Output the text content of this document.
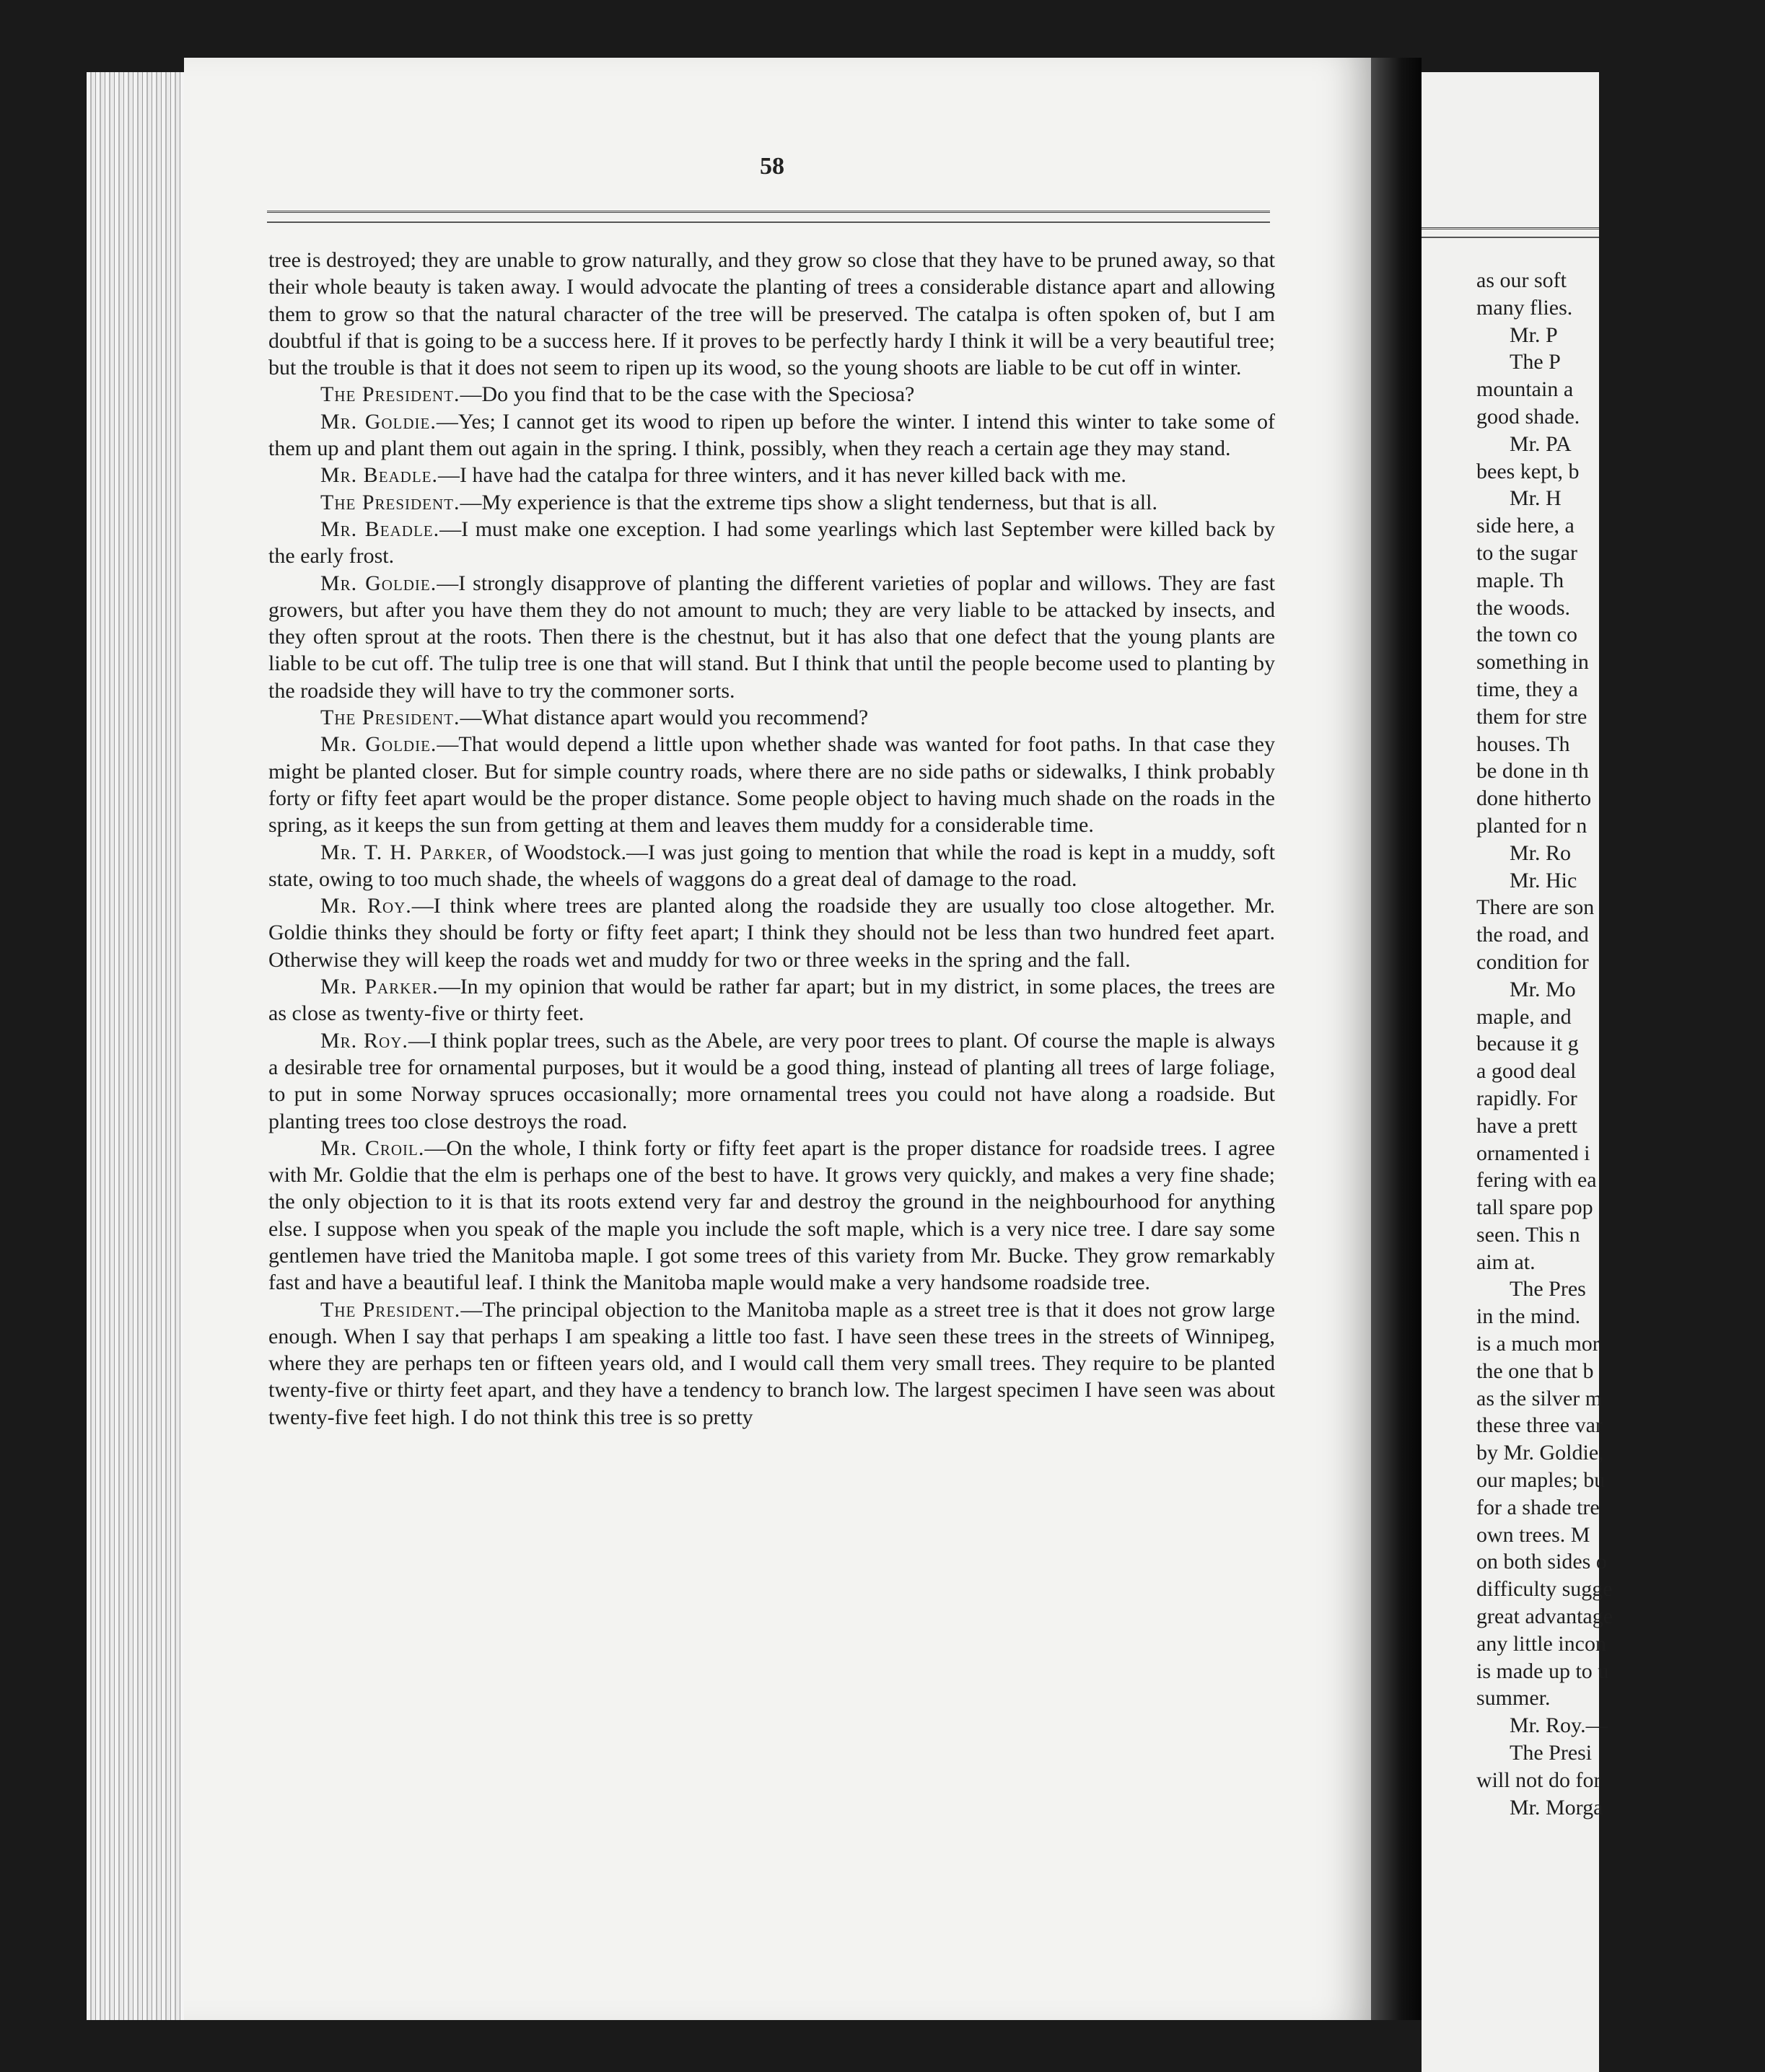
58

tree is destroyed; they are unable to grow naturally, and they grow so close that they have to be pruned away, so that their whole beauty is taken away. I would advocate the planting of trees a considerable distance apart and allowing them to grow so that the natural character of the tree will be preserved. The catalpa is often spoken of, but I am doubtful if that is going to be a success here. If it proves to be perfectly hardy I think it will be a very beautiful tree; but the trouble is that it does not seem to ripen up its wood, so the young shoots are liable to be cut off in winter.

The President.—Do you find that to be the case with the Speciosa?

Mr. Goldie.—Yes; I cannot get its wood to ripen up before the winter. I intend this winter to take some of them up and plant them out again in the spring. I think, possibly, when they reach a certain age they may stand.

Mr. Beadle.—I have had the catalpa for three winters, and it has never killed back with me.

The President.—My experience is that the extreme tips show a slight tenderness, but that is all.

Mr. Beadle.—I must make one exception. I had some yearlings which last September were killed back by the early frost.

Mr. Goldie.—I strongly disapprove of planting the different varieties of poplar and willows. They are fast growers, but after you have them they do not amount to much; they are very liable to be attacked by insects, and they often sprout at the roots. Then there is the chestnut, but it has also that one defect that the young plants are liable to be cut off. The tulip tree is one that will stand. But I think that until the people become used to planting by the roadside they will have to try the commoner sorts.

The President.—What distance apart would you recommend?

Mr. Goldie.—That would depend a little upon whether shade was wanted for foot paths. In that case they might be planted closer. But for simple country roads, where there are no side paths or sidewalks, I think probably forty or fifty feet apart would be the proper distance. Some people object to having much shade on the roads in the spring, as it keeps the sun from getting at them and leaves them muddy for a considerable time.

Mr. T. H. Parker, of Woodstock.—I was just going to mention that while the road is kept in a muddy, soft state, owing to too much shade, the wheels of waggons do a great deal of damage to the road.

Mr. Roy.—I think where trees are planted along the roadside they are usually too close altogether. Mr. Goldie thinks they should be forty or fifty feet apart; I think they should not be less than two hundred feet apart. Otherwise they will keep the roads wet and muddy for two or three weeks in the spring and the fall.

Mr. Parker.—In my opinion that would be rather far apart; but in my district, in some places, the trees are as close as twenty-five or thirty feet.

Mr. Roy.—I think poplar trees, such as the Abele, are very poor trees to plant. Of course the maple is always a desirable tree for ornamental purposes, but it would be a good thing, instead of planting all trees of large foliage, to put in some Norway spruces occasionally; more ornamental trees you could not have along a roadside. But planting trees too close destroys the road.

Mr. Croil.—On the whole, I think forty or fifty feet apart is the proper distance for roadside trees. I agree with Mr. Goldie that the elm is perhaps one of the best to have. It grows very quickly, and makes a very fine shade; the only objection to it is that its roots extend very far and destroy the ground in the neighbourhood for anything else. I suppose when you speak of the maple you include the soft maple, which is a very nice tree. I dare say some gentlemen have tried the Manitoba maple. I got some trees of this variety from Mr. Bucke. They grow remarkably fast and have a beautiful leaf. I think the Manitoba maple would make a very handsome roadside tree.

The President.—The principal objection to the Manitoba maple as a street tree is that it does not grow large enough. When I say that perhaps I am speaking a little too fast. I have seen these trees in the streets of Winnipeg, where they are perhaps ten or fifteen years old, and I would call them very small trees. They require to be planted twenty-five or thirty feet apart, and they have a tendency to branch low. The largest specimen I have seen was about twenty-five feet high. I do not think this tree is so pretty

as our soft
many flies.
Mr. P
The P
mountain a
good shade.
Mr. PA
bees kept, b
Mr. H
side here, a
to the sugar
maple. Th
the woods.
the town co
something in
time, they a
them for stre
houses. Th
be done in th
done hitherto
planted for n
Mr. Ro
Mr. Hic
There are son
the road, and
condition for
Mr. Mo
maple, and
because it g
a good deal
rapidly. For
have a prett
ornamented i
fering with ea
tall spare pop
seen. This n
aim at.
The Pres
in the mind.
is a much mor
the one that b
as the silver m
these three var
by Mr. Goldie,
our maples; bu
for a shade tre
own trees. M
on both sides o
difficulty sugge
great advantage
any little incon
is made up to u
summer.
Mr. Roy.—
The Presi
will not do for
Mr. Morga
